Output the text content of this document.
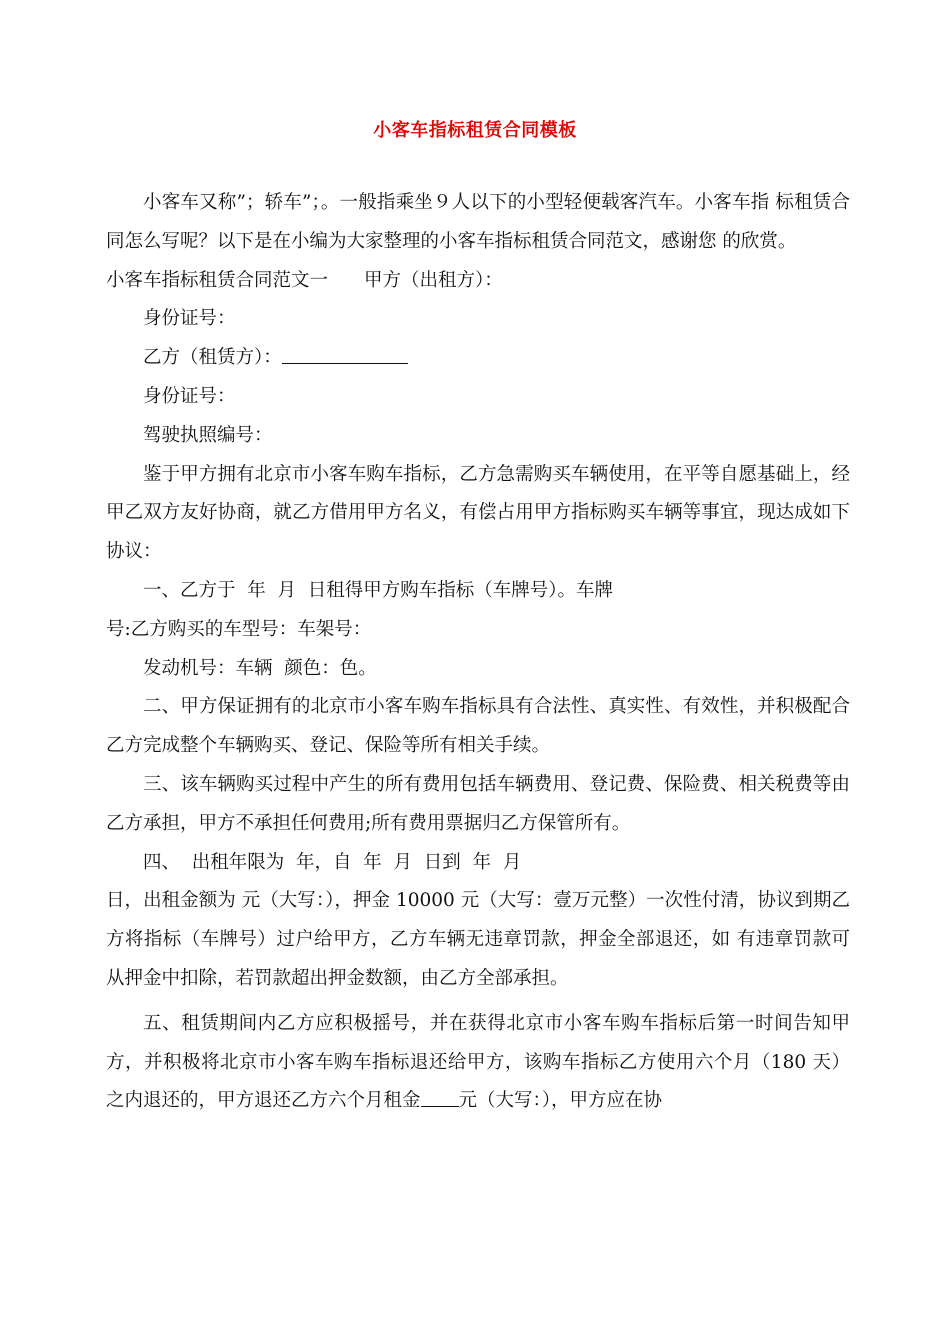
小客车指标租赁合同模板

小客车又称”；轿车”；。一般指乘坐９人以下的小型轻便载客汽车。小客车指 标租赁合同怎么写呢？以下是在小编为大家整理的小客车指标租赁合同范文，感谢您 的欣赏。

小客车指标租赁合同范文一 甲方（出租方）：

身份证号：

乙方（租赁方）：

身份证号：

驾驶执照编号：

鉴于甲方拥有北京市小客车购车指标，乙方急需购买车辆使用，在平等自愿基础上，经甲乙双方友好协商，就乙方借用甲方名义，有偿占用甲方指标购买车辆等事宜，现达成如下协议：

一、乙方于  年  月  日租得甲方购车指标（车牌号）。车牌

号:乙方购买的车型号：车架号：

发动机号：车辆  颜色：色。

二、甲方保证拥有的北京市小客车购车指标具有合法性、真实性、有效性，并积极配合乙方完成整个车辆购买、登记、保险等所有相关手续。

三、该车辆购买过程中产生的所有费用包括车辆费用、登记费、保险费、相关税费等由乙方承担，甲方不承担任何费用;所有费用票据归乙方保管所有。

四、  出租年限为  年，自  年  月  日到  年  月

日，出租金额为 元（大写：），押金 10000 元（大写：壹万元整）一次性付清，协议到期乙方将指标（车牌号）过户给甲方，乙方车辆无违章罚款，押金全部退还，如 有违章罚款可从押金中扣除，若罚款超出押金数额，由乙方全部承担。

五、租赁期间内乙方应积极摇号，并在获得北京市小客车购车指标后第一时间告知甲方，并积极将北京市小客车购车指标退还给甲方，该购车指标乙方使用六个月（180 天）之内退还的，甲方退还乙方六个月租金 元（大写：），甲方应在协
